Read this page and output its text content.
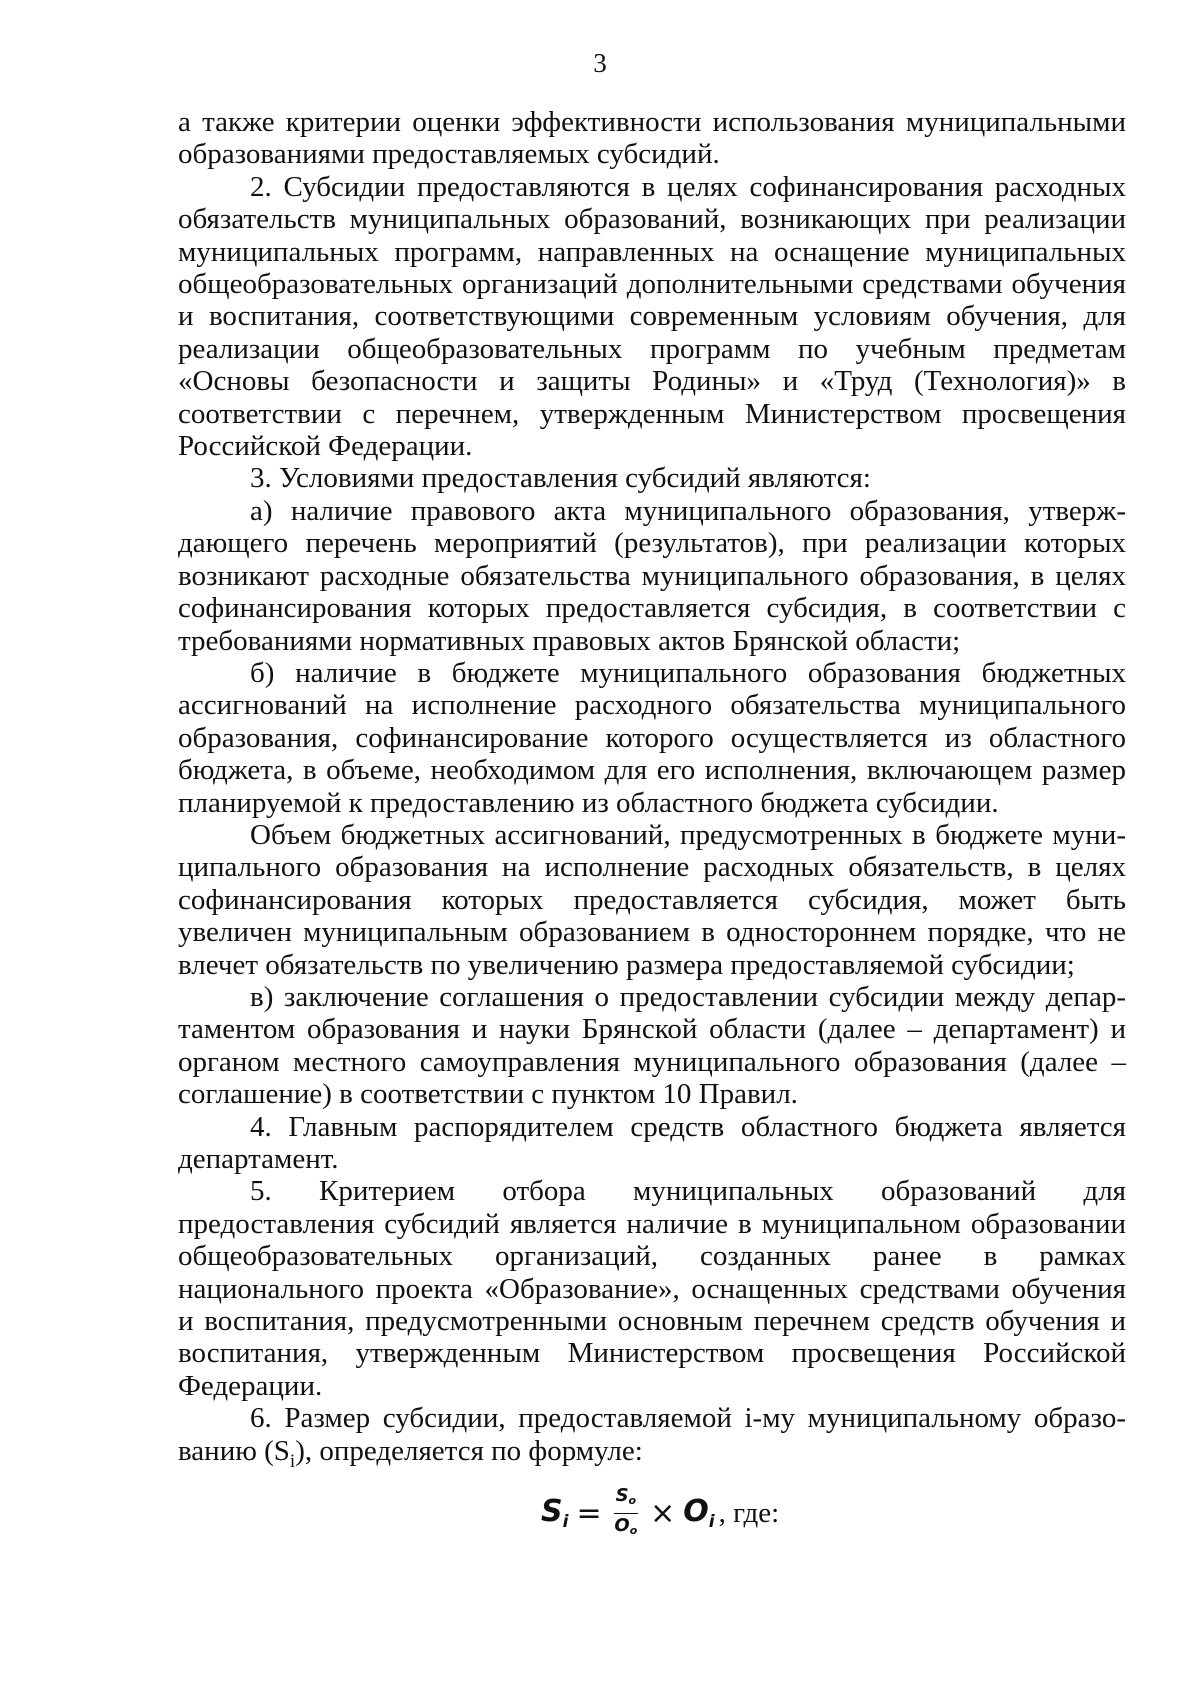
3

а также критерии оценки эффективности использования муниципальными образованиями предоставляемых субсидий.

2. Субсидии предоставляются в целях софинансирования расходных обязательств муниципальных образований, возникающих при реализации муниципальных программ, направленных на оснащение муниципальных общеобразовательных организаций дополнительными средствами обучения и воспитания, соответствующими современным условиям обучения, для реализации общеобразовательных программ по учебным предметам «Основы безопасности и защиты Родины» и «Труд (Технология)» в соответствии с перечнем, утвержденным Министерством просвещения Российской Федерации.

3. Условиями предоставления субсидий являются:

а) наличие правового акта муниципального образования, утверждающего перечень мероприятий (результатов), при реализации которых возникают расходные обязательства муниципального образования, в целях софинансирования которых предоставляется субсидия, в соответствии с требованиями нормативных правовых актов Брянской области;

б) наличие в бюджете муниципального образования бюджетных ассигнований на исполнение расходного обязательства муниципального образования, софинансирование которого осуществляется из областного бюджета, в объеме, необходимом для его исполнения, включающем размер планируемой к предоставлению из областного бюджета субсидии.

Объем бюджетных ассигнований, предусмотренных в бюджете муниципального образования на исполнение расходных обязательств, в целях софинансирования которых предоставляется субсидия, может быть увеличен муниципальным образованием в одностороннем порядке, что не влечет обязательств по увеличению размера предоставляемой субсидии;

в) заключение соглашения о предоставлении субсидии между департаментом образования и науки Брянской области (далее – департамент) и органом местного самоуправления муниципального образования (далее – соглашение) в соответствии с пунктом 10 Правил.

4. Главным распорядителем средств областного бюджета является департамент.

5. Критерием отбора муниципальных образований для предоставления субсидий является наличие в муниципальном образовании общеобразовательных организаций, созданных ранее в рамках национального проекта «Образование», оснащенных средствами обучения и воспитания, предусмотренными основным перечнем средств обучения и воспитания, утвержденным Министерством просвещения Российской Федерации.

6. Размер субсидии, предоставляемой i-му муниципальному образованию $(S_i)$, определяется по формуле:

$S_i = \frac{S_o}{O_o} \times O_i$ , где:
